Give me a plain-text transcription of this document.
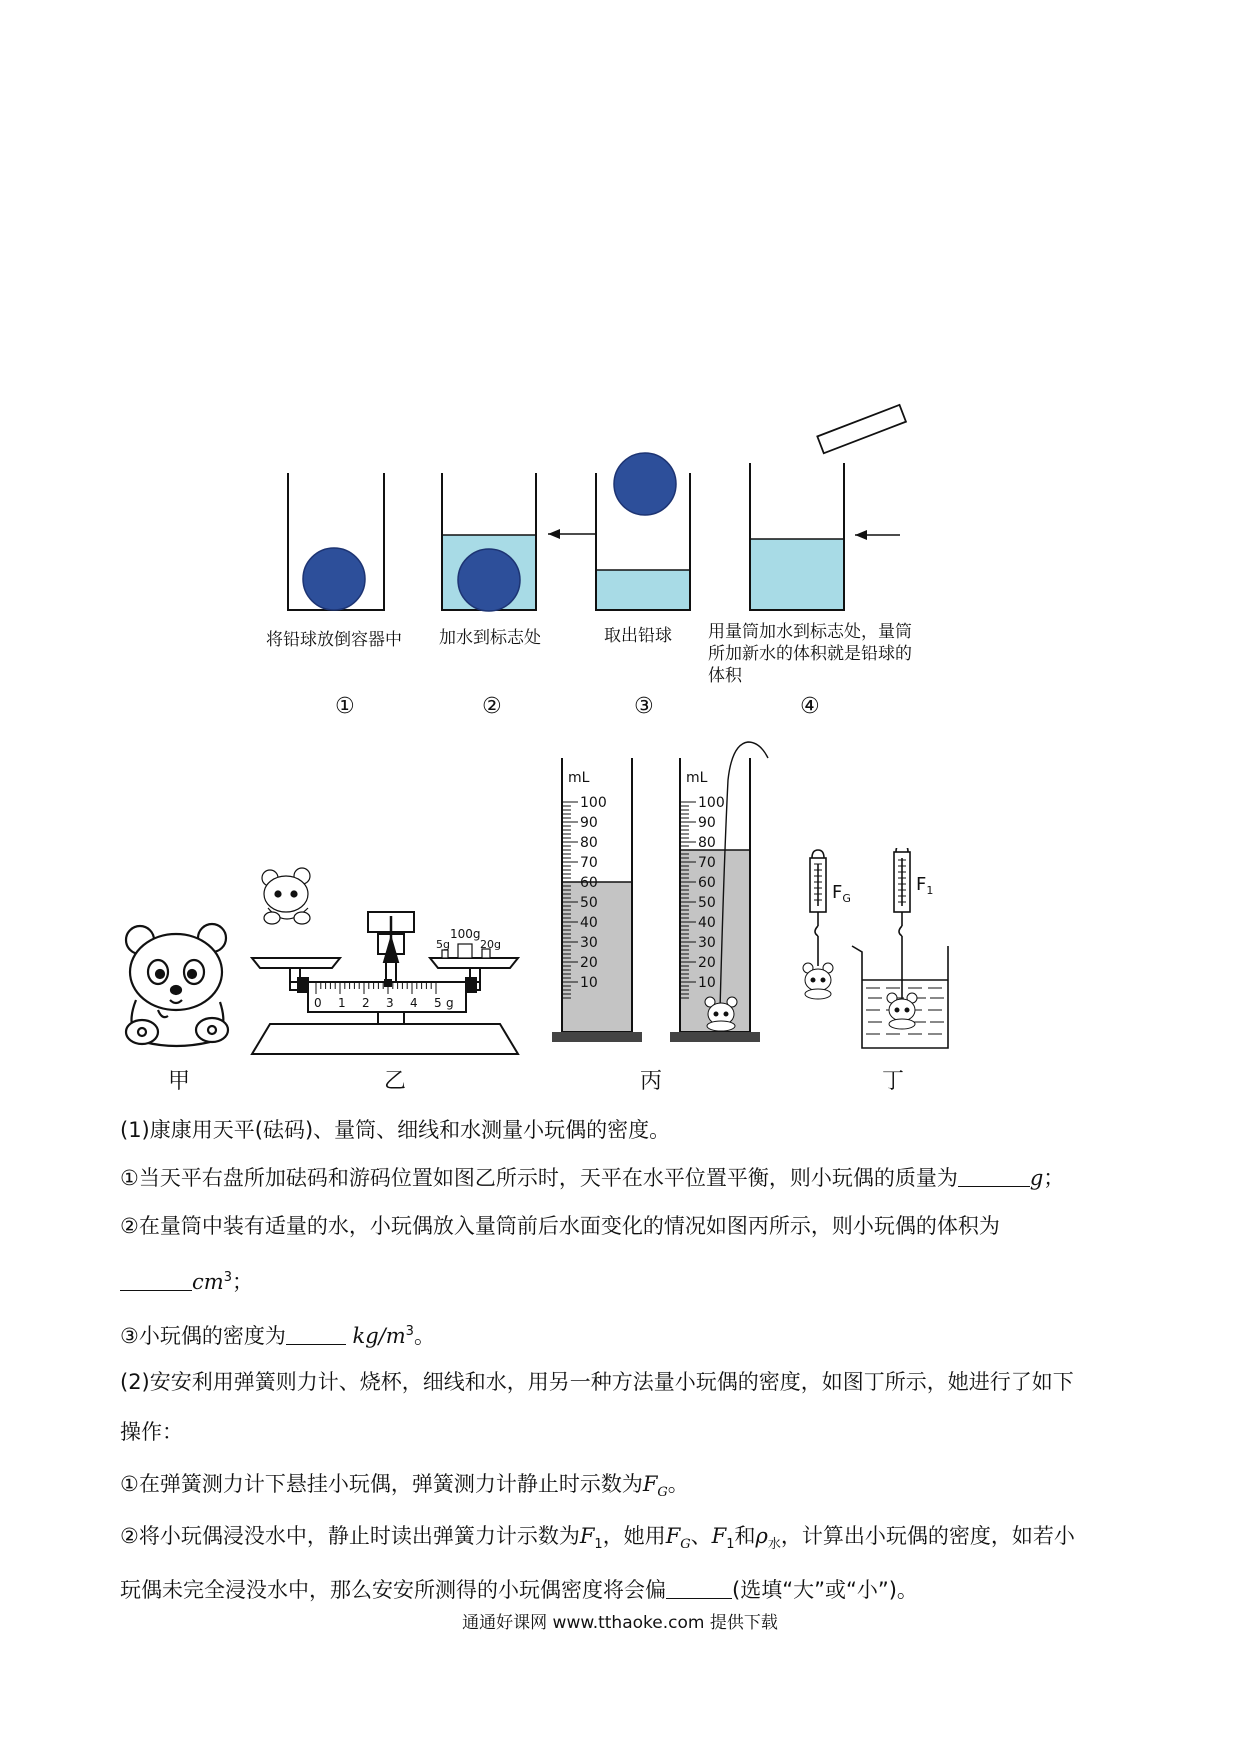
将铅球放倒容器中 加水到标志处	取出铅球 用量筒加水到标志处，量筒
所加新水的体积就是铅球的
体积
①	②	③	④
5g
100g
20g
0 1 2 3 4 5 g
100
90
80
70
60
50
40
30
20
10
mL
100
90
80
70
60
50
40
30
20
10
mL
$F_G$
$F_1$
甲	乙	丙	丁
(1)康康用天平(砝码)、量筒、细线和水测量小玩偶的密度。
①当天平右盘所加砝码和游码位置如图乙所示时，天平在水平位置平衡，则小玩偶的质量为	g；
②在量筒中装有适量的水，小玩偶放入量筒前后水面变化的情况如图丙所示，则小玩偶的体积为
$cm^3$；
③小玩偶的密度为	$kg/m^3$。
(2)安安利用弹簧则力计、烧杯，细线和水，用另一种方法量小玩偶的密度，如图丁所示，她进行了如下
操作：
①在弹簧测力计下悬挂小玩偶，弹簧测力计静止时示数为$F_G$。
②将小玩偶浸没水中，静止时读出弹簧力计示数为$F_1$，她用$F_G$、$F_1$和$\rho_水$，计算出小玩偶的密度，如若小
玩偶未完全浸没水中，那么安安所测得的小玩偶密度将会偏	(选填“大”或“小”)。
通通好课网 www.tthaoke.com 提供下载
